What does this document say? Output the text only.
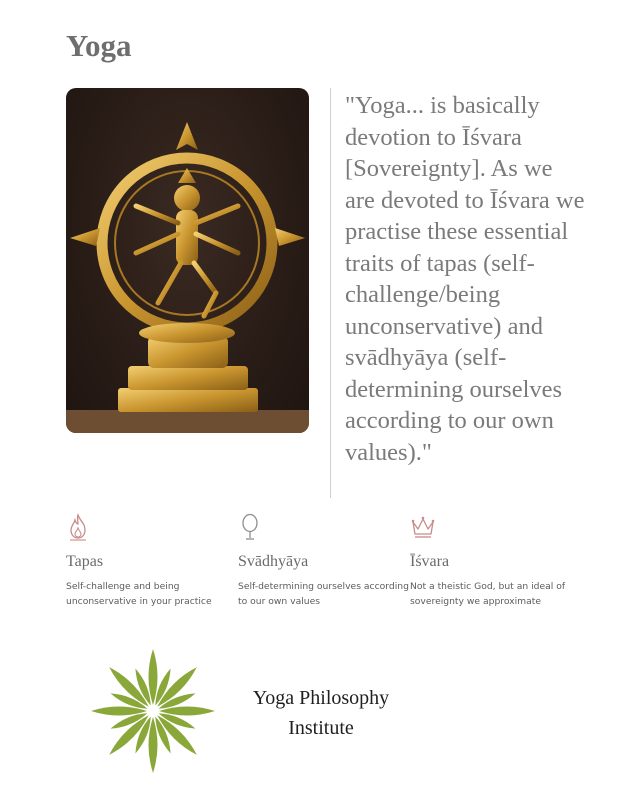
Yoga

"Yoga... is basically devotion to Īśvara [Sovereignty]. As we are devoted to Īśvara we practise these essential traits of tapas (self-challenge/being unconservative) and svādhyāya (self-determining ourselves according to our own values)."

Tapas
Self-challenge and being unconservative in your practice
Svādhyāya
Self-determining ourselves according to our own values
Īśvara
Not a theistic God, but an ideal of sovereignty we approximate
Yoga Philosophy
Institute
